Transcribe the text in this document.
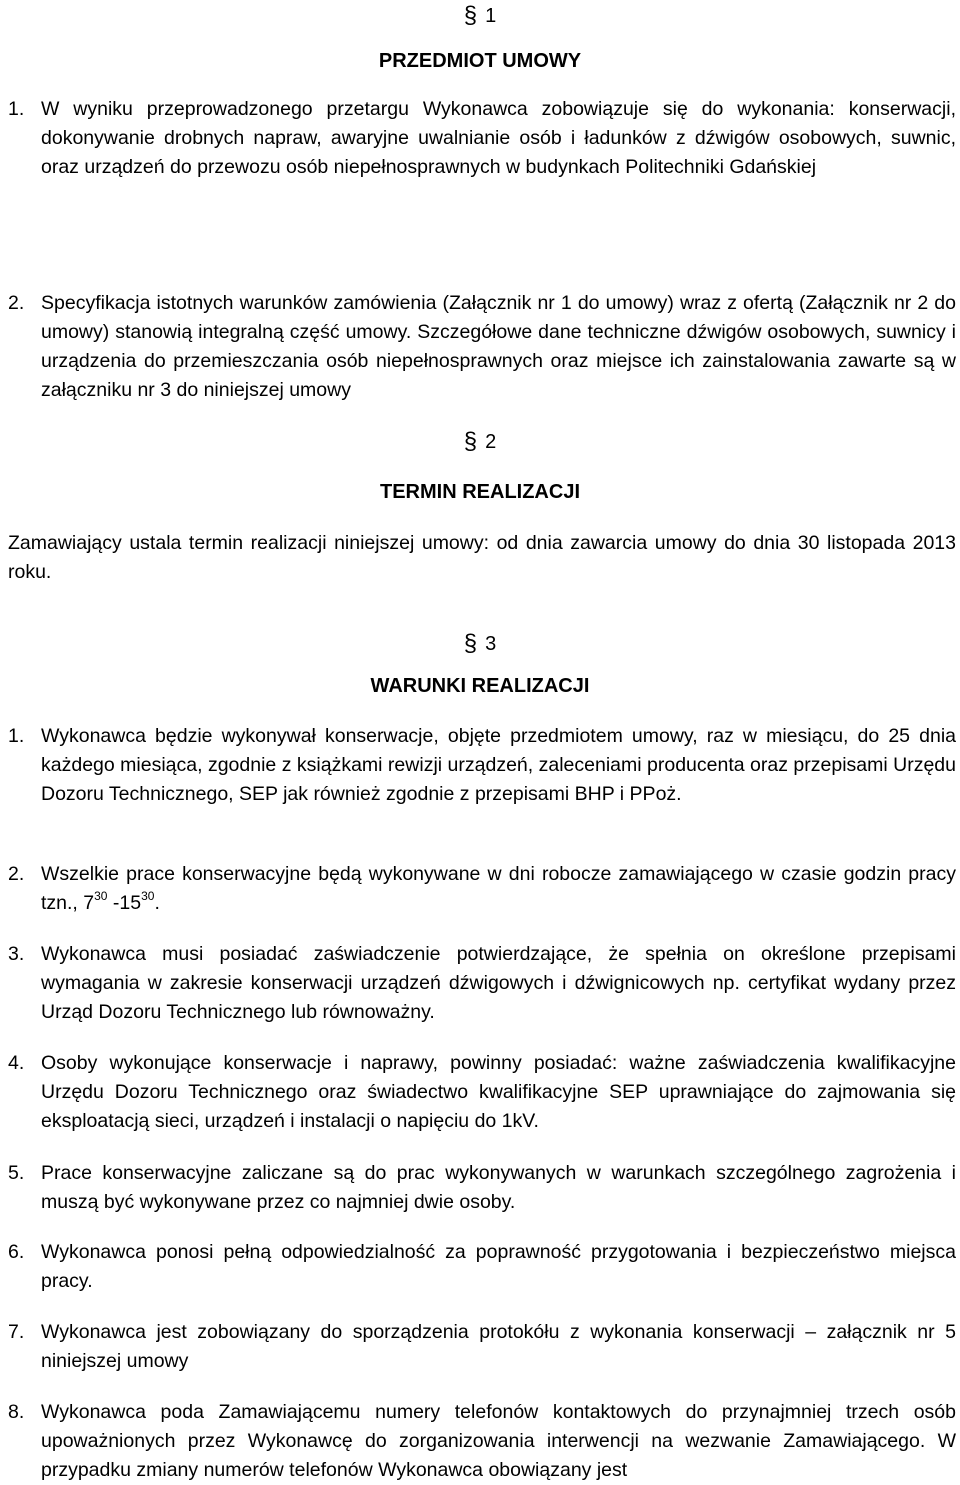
§ 1
PRZEDMIOT UMOWY
1. W wyniku przeprowadzonego przetargu Wykonawca zobowiązuje się do wykonania: konserwacji, dokonywanie drobnych napraw, awaryjne uwalnianie osób i ładunków z dźwigów osobowych, suwnic, oraz urządzeń do przewozu osób niepełnosprawnych w budynkach Politechniki Gdańskiej
2. Specyfikacja istotnych warunków zamówienia (Załącznik nr 1 do umowy) wraz z ofertą (Załącznik nr 2 do umowy) stanowią integralną część umowy. Szczegółowe dane techniczne dźwigów osobowych, suwnicy i urządzenia do przemieszczania osób niepełnosprawnych oraz miejsce ich zainstalowania zawarte są w załączniku nr 3 do niniejszej umowy
§ 2
TERMIN REALIZACJI
Zamawiający ustala termin realizacji niniejszej umowy: od dnia zawarcia umowy do dnia 30 listopada 2013 roku.
§ 3
WARUNKI REALIZACJI
1. Wykonawca będzie wykonywał konserwacje, objęte przedmiotem umowy, raz w miesiącu, do 25 dnia każdego miesiąca, zgodnie z książkami rewizji urządzeń, zaleceniami producenta oraz przepisami Urzędu Dozoru Technicznego, SEP jak również zgodnie z przepisami BHP i PPoż.
2. Wszelkie prace konserwacyjne będą wykonywane w dni robocze zamawiającego w czasie godzin pracy tzn., $7^{30}$ $-15^{30}$.
3. Wykonawca musi posiadać zaświadczenie potwierdzające, że spełnia on określone przepisami wymagania w zakresie konserwacji urządzeń dźwigowych i dźwignicowych np. certyfikat wydany przez Urząd Dozoru Technicznego lub równoważny.
4. Osoby wykonujące konserwacje i naprawy, powinny posiadać: ważne zaświadczenia kwalifikacyjne Urzędu Dozoru Technicznego oraz świadectwo kwalifikacyjne SEP uprawniające do zajmowania się eksploatacją sieci, urządzeń i instalacji o napięciu do 1kV.
5. Prace konserwacyjne zaliczane są do prac wykonywanych w warunkach szczególnego zagrożenia i muszą być wykonywane przez co najmniej dwie osoby.
6. Wykonawca ponosi pełną odpowiedzialność za poprawność przygotowania i bezpieczeństwo miejsca pracy.
7. Wykonawca jest zobowiązany do sporządzenia protokółu z wykonania konserwacji – załącznik nr 5 niniejszej umowy
8. Wykonawca poda Zamawiającemu numery telefonów kontaktowych do przynajmniej trzech osób upoważnionych przez Wykonawcę do zorganizowania interwencji na wezwanie Zamawiającego. W przypadku zmiany numerów telefonów Wykonawca obowiązany jest
